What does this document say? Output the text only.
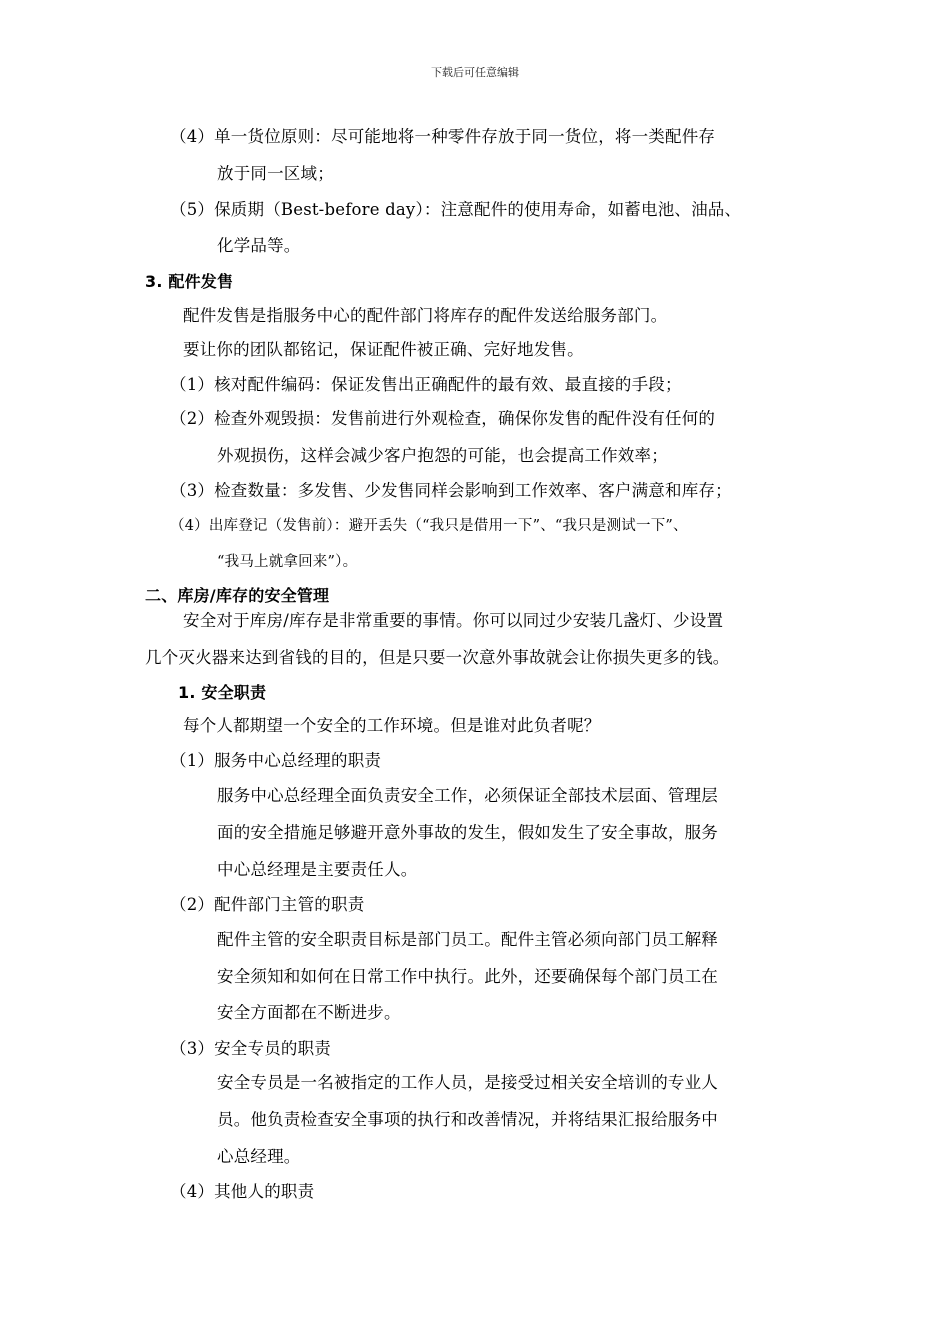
下载后可任意编辑
（4）单一货位原则：尽可能地将一种零件存放于同一货位，将一类配件存
放于同一区域；
（5）保质期（Best-before day）：注意配件的使用寿命，如蓄电池、油品、
化学品等。
3. 配件发售
配件发售是指服务中心的配件部门将库存的配件发送给服务部门。
要让你的团队都铭记，保证配件被正确、完好地发售。
（1）核对配件编码：保证发售出正确配件的最有效、最直接的手段；
（2）检查外观毁损：发售前进行外观检查，确保你发售的配件没有任何的
外观损伤，这样会减少客户抱怨的可能，也会提高工作效率；
（3）检查数量：多发售、少发售同样会影响到工作效率、客户满意和库存；
（4）出库登记（发售前）：避开丢失（“我只是借用一下”、“我只是测试一下”、
“我马上就拿回来”）。
二、库房/库存的安全管理
安全对于库房/库存是非常重要的事情。你可以同过少安装几盏灯、少设置
几个灭火器来达到省钱的目的，但是只要一次意外事故就会让你损失更多的钱。
1. 安全职责
每个人都期望一个安全的工作环境。但是谁对此负者呢？
（1）服务中心总经理的职责
服务中心总经理全面负责安全工作，必须保证全部技术层面、管理层
面的安全措施足够避开意外事故的发生，假如发生了安全事故，服务
中心总经理是主要责任人。
（2）配件部门主管的职责
配件主管的安全职责目标是部门员工。配件主管必须向部门员工解释
安全须知和如何在日常工作中执行。此外，还要确保每个部门员工在
安全方面都在不断进步。
（3）安全专员的职责
安全专员是一名被指定的工作人员，是接受过相关安全培训的专业人
员。他负责检查安全事项的执行和改善情况，并将结果汇报给服务中
心总经理。
（4）其他人的职责
